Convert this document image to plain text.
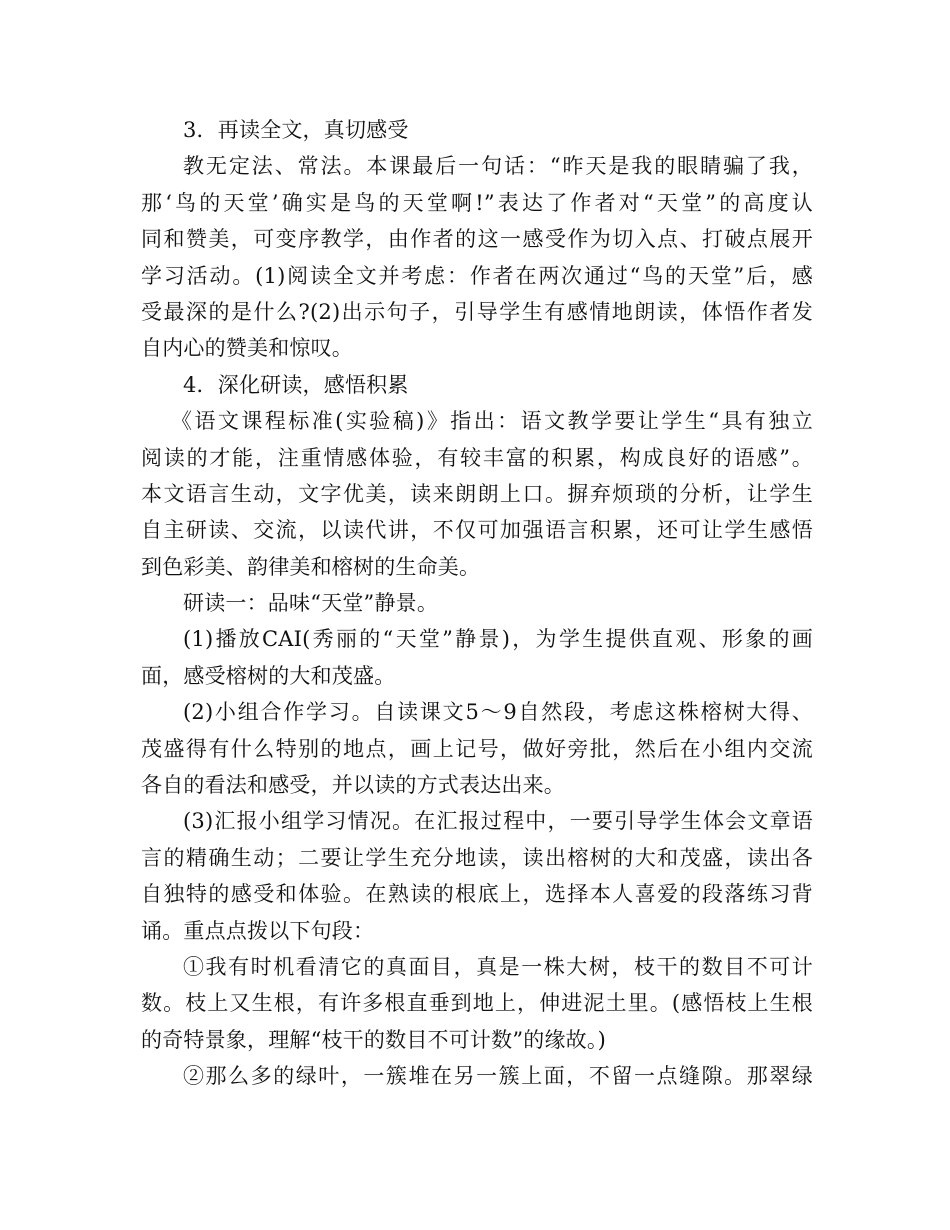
3．再读全文，真切感受

教无定法、常法。本课最后一句话：“昨天是我的眼睛骗了我，

那‘鸟的天堂’确实是鸟的天堂啊!”表达了作者对“天堂”的高度认

同和赞美，可变序教学，由作者的这一感受作为切入点、打破点展开

学习活动。(1)阅读全文并考虑：作者在两次通过“鸟的天堂”后，感

受最深的是什么?(2)出示句子，引导学生有感情地朗读，体悟作者发

自内心的赞美和惊叹。

4．深化研读，感悟积累

《语文课程标准(实验稿)》指出：语文教学要让学生“具有独立

阅读的才能，注重情感体验，有较丰富的积累，构成良好的语感”。

本文语言生动，文字优美，读来朗朗上口。摒弃烦琐的分析，让学生

自主研读、交流，以读代讲，不仅可加强语言积累，还可让学生感悟

到色彩美、韵律美和榕树的生命美。

研读一：品味“天堂”静景。

(1)播放CAI(秀丽的“天堂”静景)，为学生提供直观、形象的画

面，感受榕树的大和茂盛。

(2)小组合作学习。自读课文5～9自然段，考虑这株榕树大得、

茂盛得有什么特别的地点，画上记号，做好旁批，然后在小组内交流

各自的看法和感受，并以读的方式表达出来。

(3)汇报小组学习情况。在汇报过程中，一要引导学生体会文章语

言的精确生动；二要让学生充分地读，读出榕树的大和茂盛，读出各

自独特的感受和体验。在熟读的根底上，选择本人喜爱的段落练习背

诵。重点点拨以下句段：

①我有时机看清它的真面目，真是一株大树，枝干的数目不可计

数。枝上又生根，有许多根直垂到地上，伸进泥土里。(感悟枝上生根

的奇特景象，理解“枝干的数目不可计数”的缘故。)

②那么多的绿叶，一簇堆在另一簇上面，不留一点缝隙。那翠绿
